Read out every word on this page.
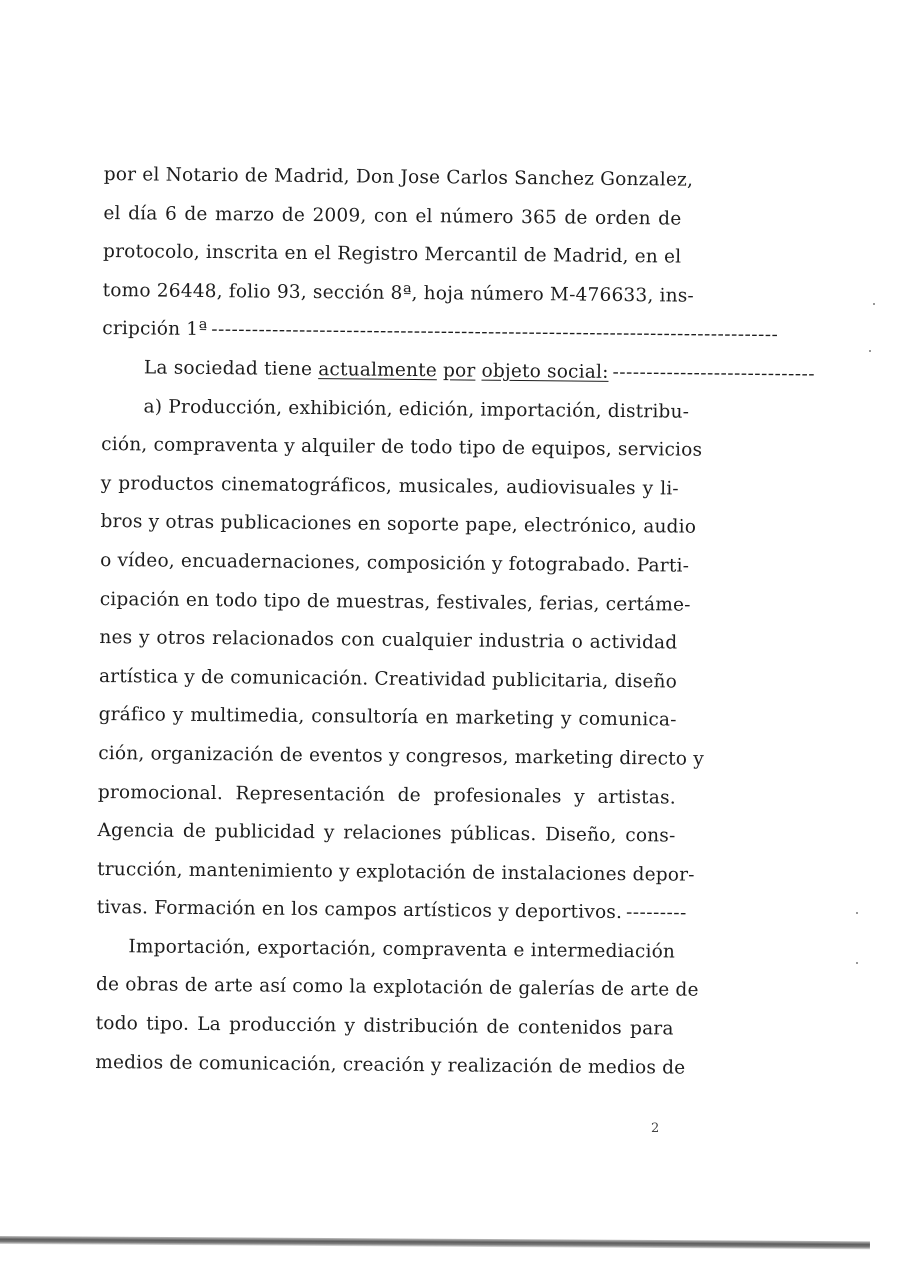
por el Notario de Madrid, Don Jose Carlos Sanchez Gonzalez,
el día 6 de marzo de 2009, con el número 365 de orden de
protocolo, inscrita en el Registro Mercantil de Madrid, en el
tomo 26448, folio 93, sección 8ª, hoja número M-476633, ins-
cripción 1ª ------------------------------------------------------------------------------------
La sociedad tiene actualmente por objeto social: ------------------------------
a) Producción, exhibición, edición, importación, distribu-
ción, compraventa y alquiler de todo tipo de equipos, servicios
y productos cinematográficos, musicales, audiovisuales y li-
bros y otras publicaciones en soporte pape, electrónico, audio
o vídeo, encuadernaciones, composición y fotograbado. Parti-
cipación en todo tipo de muestras, festivales, ferias, certáme-
nes y otros relacionados con cualquier industria o actividad
artística y de comunicación. Creatividad publicitaria, diseño
gráfico y multimedia, consultoría en marketing y comunica-
ción, organización de eventos y congresos, marketing directo y
promocional. Representación de profesionales y artistas.
Agencia de publicidad y relaciones públicas. Diseño, cons-
trucción, mantenimiento y explotación de instalaciones depor-
tivas. Formación en los campos artísticos y deportivos. ---------
Importación, exportación, compraventa e intermediación
de obras de arte así como la explotación de galerías de arte de
todo tipo. La producción y distribución de contenidos para
medios de comunicación, creación y realización de medios de
2
